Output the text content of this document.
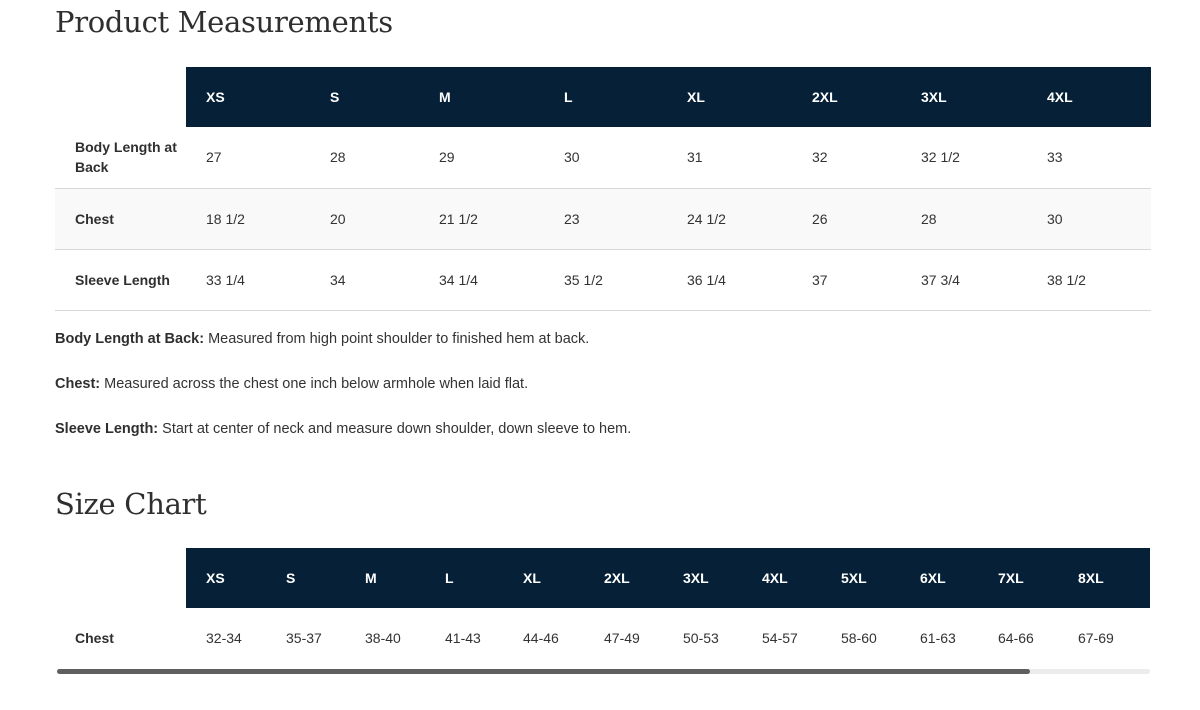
Product Measurements
	XS	S	M	L	XL	2XL	3XL	4XL
Body Length at Back	27	28	29	30	31	32	32 1/2	33
Chest	18 1/2	20	21 1/2	23	24 1/2	26	28	30
Sleeve Length	33 1/4	34	34 1/4	35 1/2	36 1/4	37	37 3/4	38 1/2

Body Length at Back: Measured from high point shoulder to finished hem at back.

Chest: Measured across the chest one inch below armhole when laid flat.

Sleeve Length: Start at center of neck and measure down shoulder, down sleeve to hem.

Size Chart
	XS	S	M	L	XL	2XL	3XL	4XL	5XL	6XL	7XL	8XL
Chest	32-34	35-37	38-40	41-43	44-46	47-49	50-53	54-57	58-60	61-63	64-66	67-69
